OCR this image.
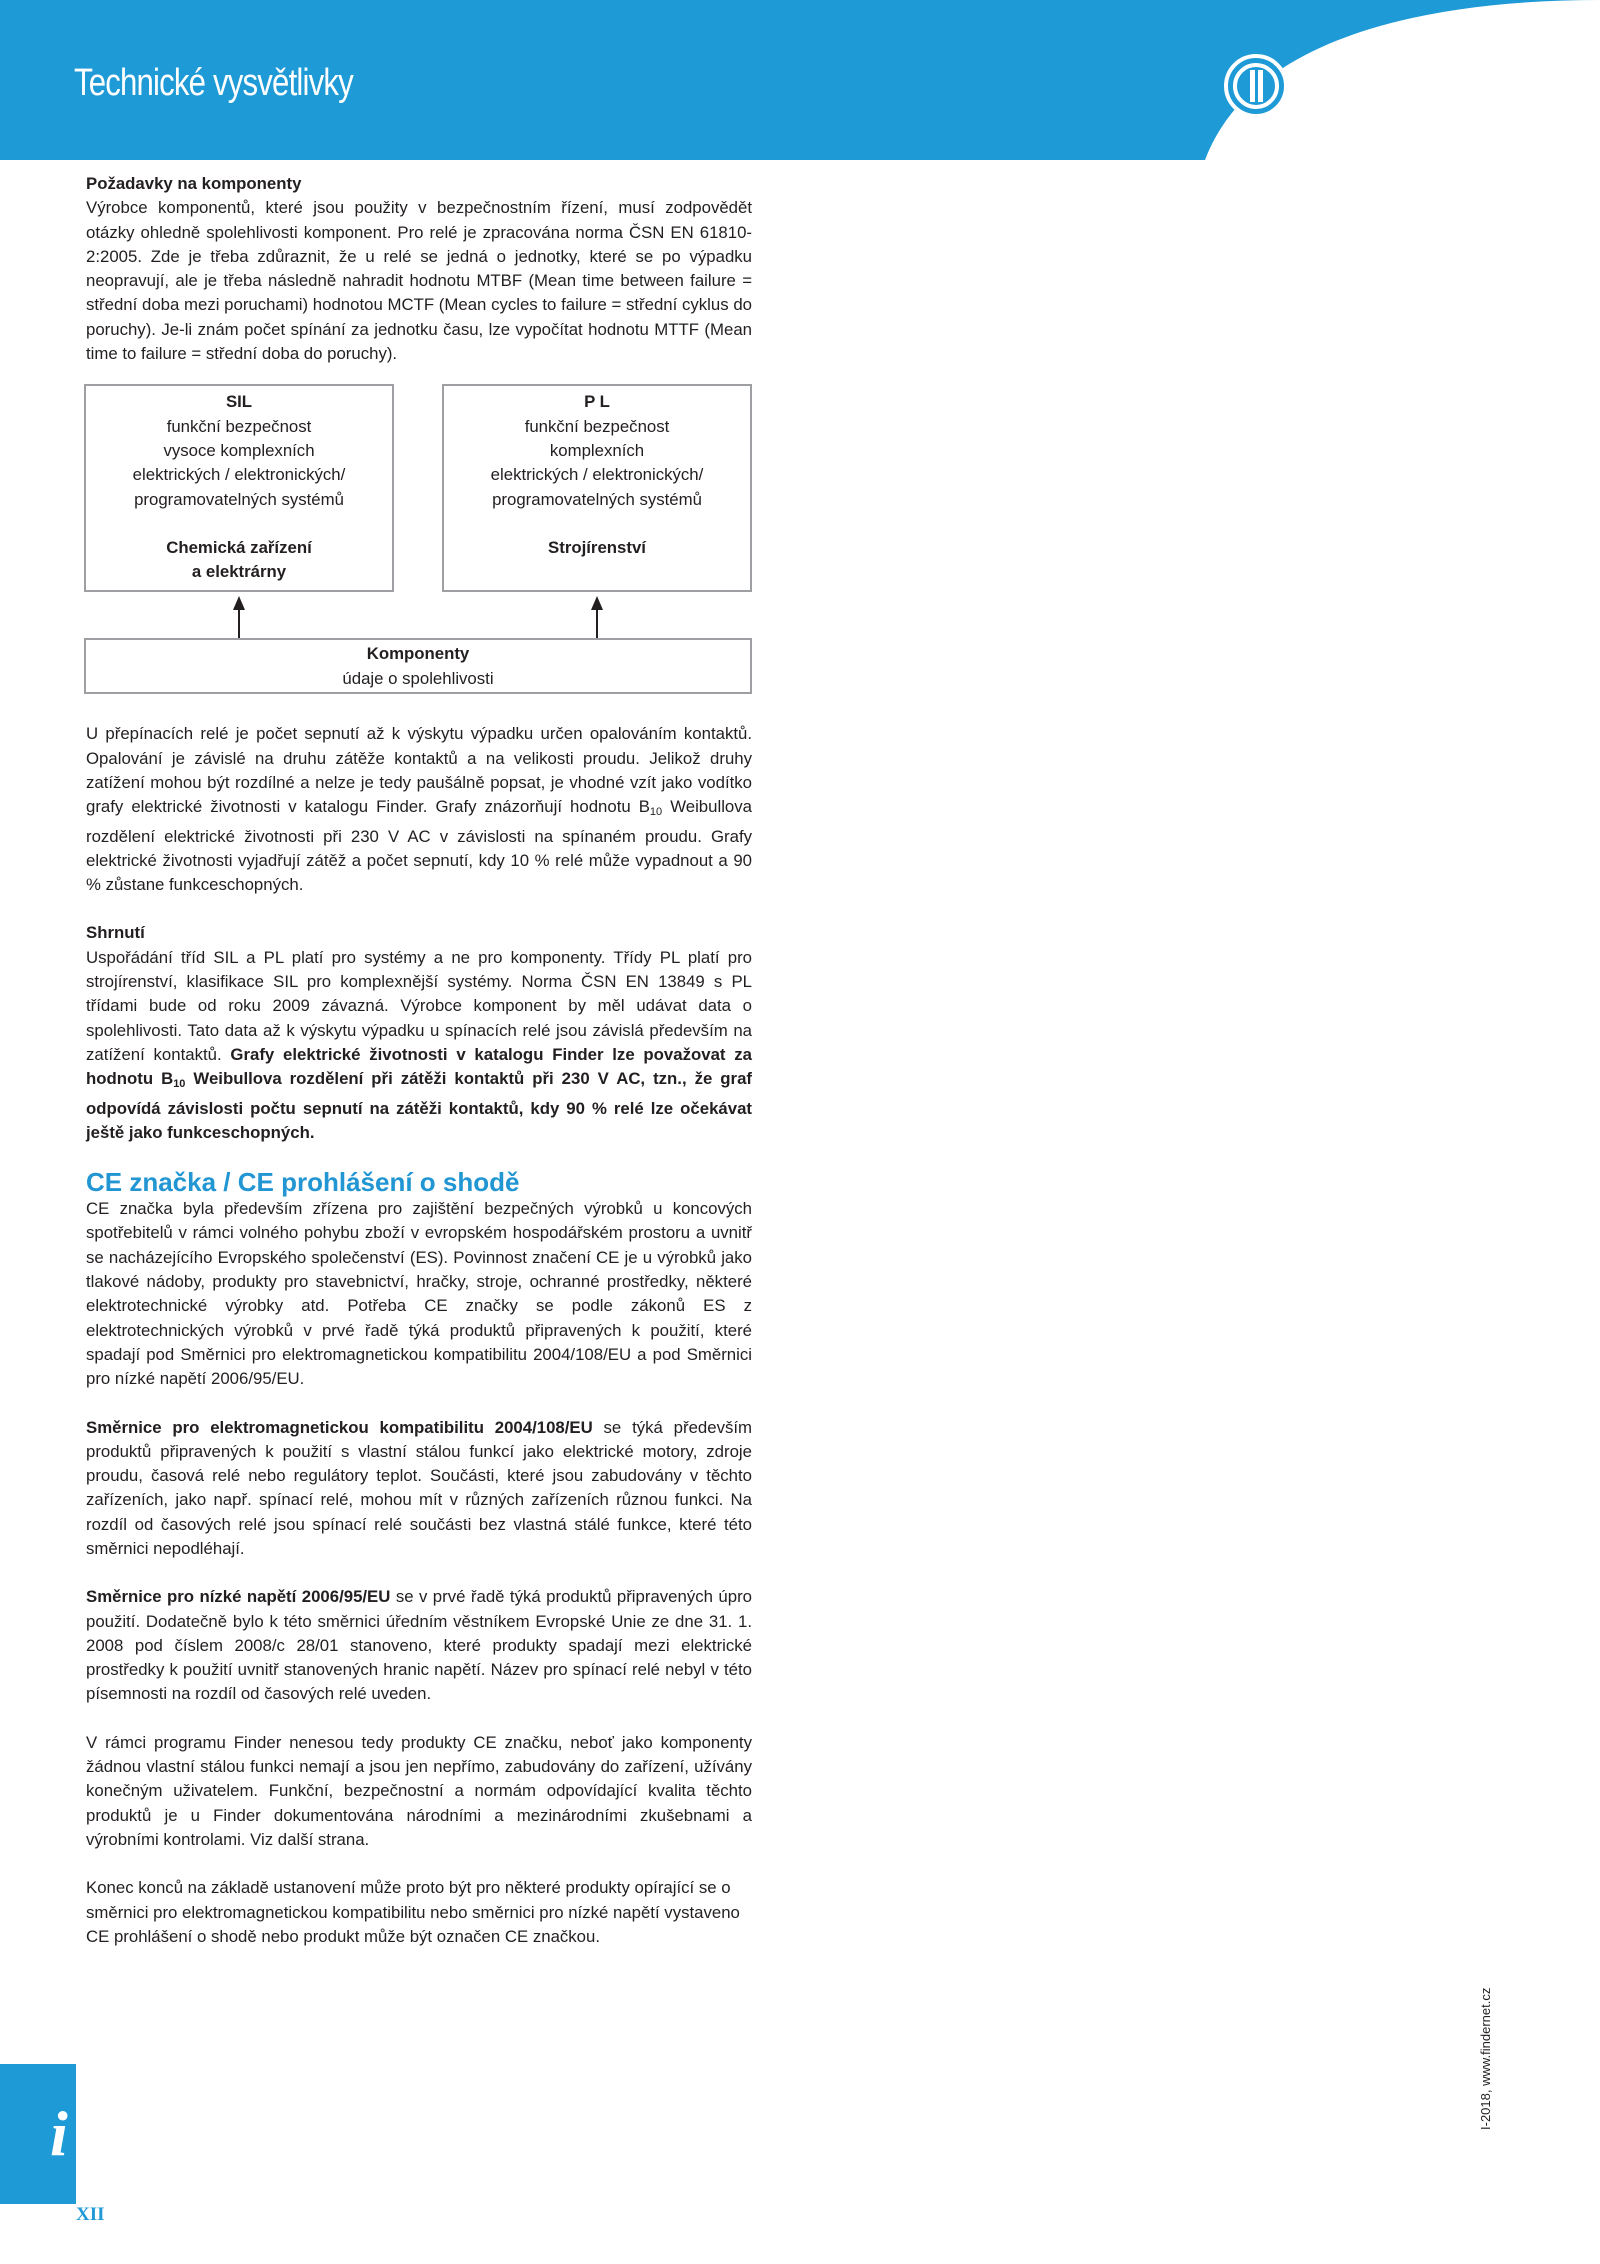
Technické vysvětlivky	finder

Požadavky na komponenty

Výrobce komponentů, které jsou použity v bezpečnostním řízení, musí zodpovědět otázky ohledně spolehlivosti komponent. Pro relé je zpracována norma ČSN EN 61810-2:2005. Zde je třeba zdůraznit, že u relé se jedná o jednotky, které se po výpadku neopravují, ale je třeba následně nahradit hodnotu MTBF (Mean time between failure = střední doba mezi poruchami) hodnotou MCTF (Mean cycles to failure = střední cyklus do poruchy). Je-li znám počet spínání za jednotku času, lze vypočítat hodnotu MTTF (Mean time to failure = střední doba do poruchy).

SIL
funkční bezpečnost
vysoce komplexních
elektrických / elektronických/
programovatelných systémů
Chemická zařízení
a elektrárny
P L
funkční bezpečnost
komplexních
elektrických / elektronických/
programovatelných systémů
Strojírenství
Komponenty
údaje o spolehlivosti

U přepínacích relé je počet sepnutí až k výskytu výpadku určen opalováním kontaktů. Opalování je závislé na druhu zátěže kontaktů a na velikosti proudu. Jelikož druhy zatížení mohou být rozdílné a nelze je tedy paušálně popsat, je vhodné vzít jako vodítko grafy elektrické životnosti v katalogu Finder. Grafy znázorňují hodnotu $B_{10}$ Weibullova rozdělení elektrické životnosti při 230 V AC v závislosti na spínaném proudu. Grafy elektrické životnosti vyjadřují zátěž a počet sepnutí, kdy 10 % relé může vypadnout a 90 % zůstane funkceschopných.

Shrnutí

Uspořádání tříd SIL a PL platí pro systémy a ne pro komponenty. Třídy PL platí pro strojírenství, klasifikace SIL pro komplexnější systémy. Norma ČSN EN 13849 s PL třídami bude od roku 2009 závazná. Výrobce komponent by měl udávat data o spolehlivosti. Tato data až k výskytu výpadku u spínacích relé jsou závislá především na zatížení kontaktů. Grafy elektrické životnosti v katalogu Finder lze považovat za hodnotu $B_{10}$ Weibullova rozdělení při zátěži kontaktů při 230 V AC, tzn., že graf odpovídá závislosti počtu sepnutí na zátěži kontaktů, kdy 90 % relé lze očekávat ještě jako funkceschopných.

CE značka / CE prohlášení o shodě

CE značka byla především zřízena pro zajištění bezpečných výrobků u koncových spotřebitelů v rámci volného pohybu zboží v evropském hospodářském prostoru a uvnitř se nacházejícího Evropského společenství (ES). Povinnost značení CE je u výrobků jako tlakové nádoby, produkty pro stavebnictví, hračky, stroje, ochranné prostředky, některé elektrotechnické výrobky atd. Potřeba CE značky se podle zákonů ES z elektrotechnických výrobků v prvé řadě týká produktů připravených k použití, které spadají pod Směrnici pro elektromagnetickou kompatibilitu 2004/108/EU a pod Směrnici pro nízké napětí 2006/95/EU.

Směrnice pro elektromagnetickou kompatibilitu 2004/108/EU se týká především produktů připravených k použití s vlastní stálou funkcí jako elektrické motory, zdroje proudu, časová relé nebo regulátory teplot. Součásti, které jsou zabudovány v těchto zařízeních, jako např. spínací relé, mohou mít v různých zařízeních různou funkci. Na rozdíl od časových relé jsou spínací relé součásti bez vlastná stálé funkce, které této směrnici nepodléhají.

Směrnice pro nízké napětí 2006/95/EU se v prvé řadě týká produktů připravených úpro použití. Dodatečně bylo k této směrnici úředním věstníkem Evropské Unie ze dne 31. 1. 2008 pod číslem 2008/c 28/01 stanoveno, které produkty spadají mezi elektrické prostředky k použití uvnitř stanovených hranic napětí. Název pro spínací relé nebyl v této písemnosti na rozdíl od časových relé uveden.

V rámci programu Finder nenesou tedy produkty CE značku, neboť jako komponenty žádnou vlastní stálou funkci nemají a jsou jen nepřímo, zabudovány do zařízení, užívány konečným uživatelem. Funkční, bezpečnostní a normám odpovídající kvalita těchto produktů je u Finder dokumentována národními a mezinárodními zkušebnami a výrobními kontrolami. Viz další strana.

Konec konců na základě ustanovení může proto být pro některé produkty opírající se o směrnici pro elektromagnetickou kompatibilitu nebo směrnici pro nízké napětí vystaveno CE prohlášení o shodě nebo produkt může být označen CE značkou.

i
XII
I-2018, www.findernet.cz
